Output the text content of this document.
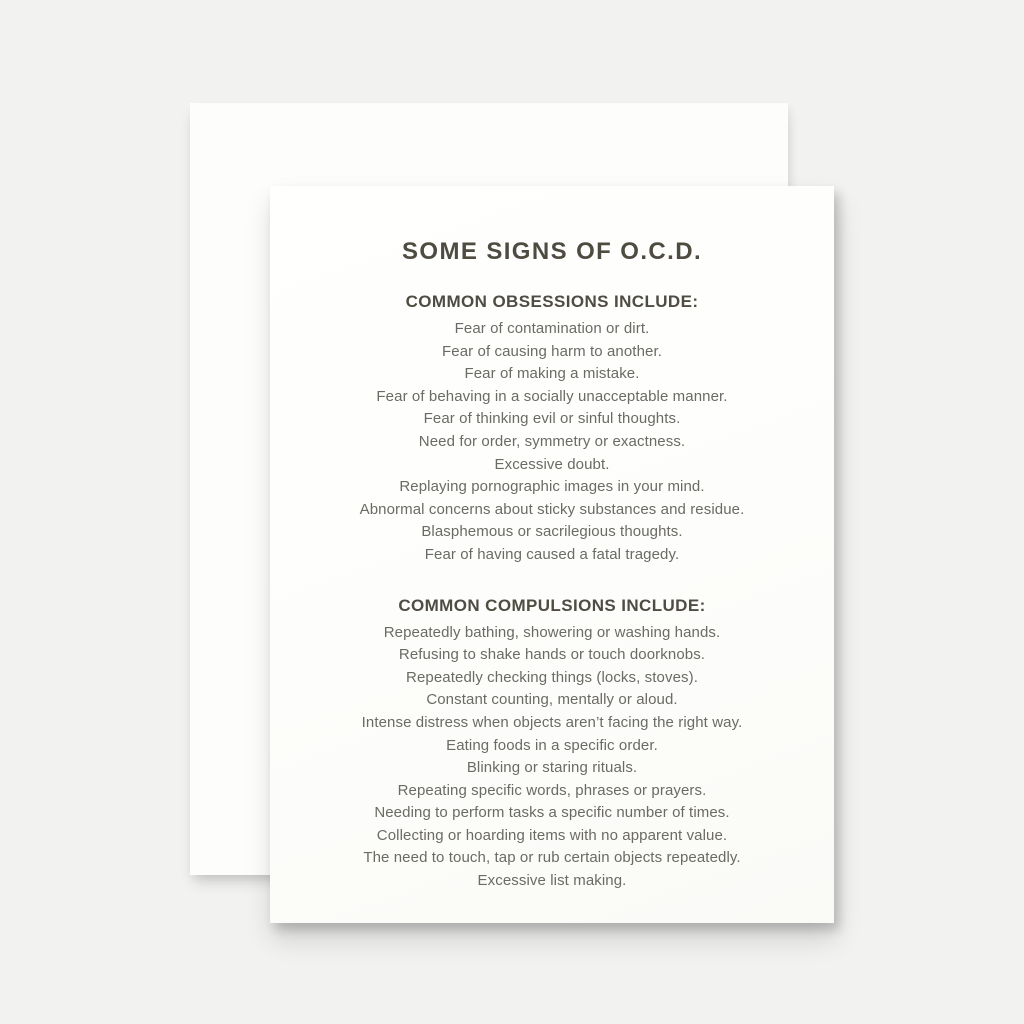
SOME SIGNS OF O.C.D.
COMMON OBSESSIONS INCLUDE:
Fear of contamination or dirt.
Fear of causing harm to another.
Fear of making a mistake.
Fear of behaving in a socially unacceptable manner.
Fear of thinking evil or sinful thoughts.
Need for order, symmetry or exactness.
Excessive doubt.
Replaying pornographic images in your mind.
Abnormal concerns about sticky substances and residue.
Blasphemous or sacrilegious thoughts.
Fear of having caused a fatal tragedy.
COMMON COMPULSIONS INCLUDE:
Repeatedly bathing, showering or washing hands.
Refusing to shake hands or touch doorknobs.
Repeatedly checking things (locks, stoves).
Constant counting, mentally or aloud.
Intense distress when objects aren’t facing the right way.
Eating foods in a specific order.
Blinking or staring rituals.
Repeating specific words, phrases or prayers.
Needing to perform tasks a specific number of times.
Collecting or hoarding items with no apparent value.
The need to touch, tap or rub certain objects repeatedly.
Excessive list making.
